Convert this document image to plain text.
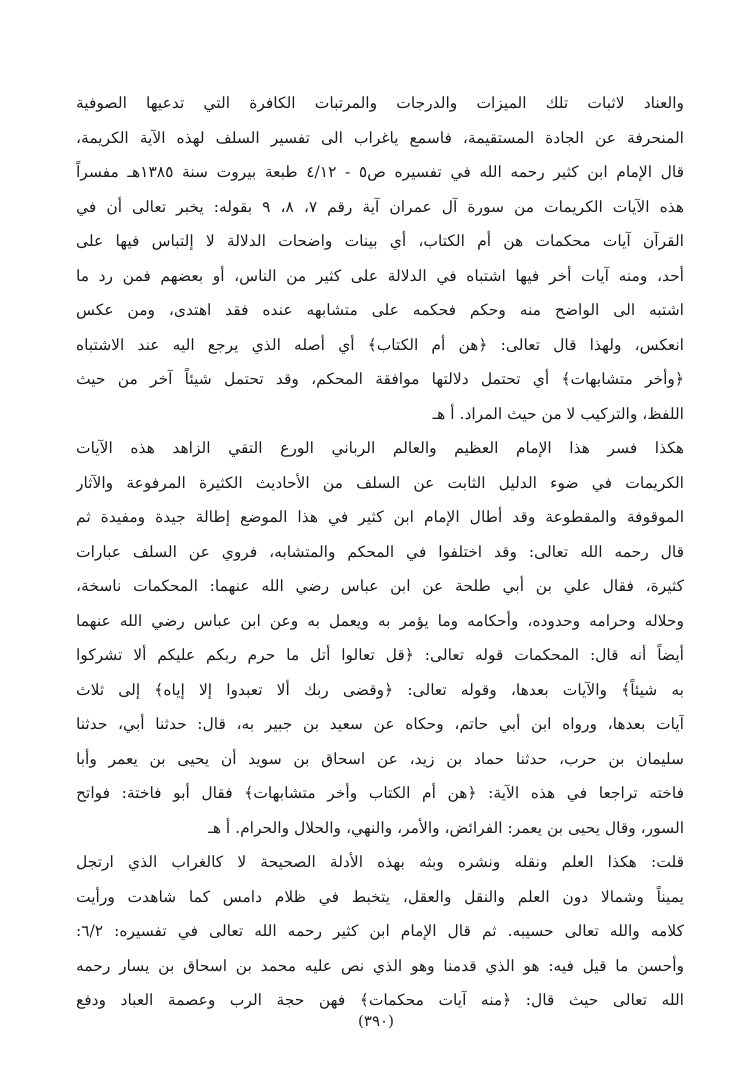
والعناد لاثبات تلك الميزات والدرجات والمرتبات الكافرة التي تدعيها الصوفية
المنحرفة عن الجادة المستقيمة، فاسمع ياغراب الى تفسير السلف لهذه الآية الكريمة،
قال الإمام ابن كثير رحمه الله في تفسيره ص٥ - ٤/١٢ طبعة بيروت سنة ١٣٨٥هـ مفسراً
هذه الآيات الكريمات من سورة آل عمران آية رقم ٧، ٨، ٩ بقوله: يخبر تعالى أن في
القرآن آيات محكمات هن أم الكتاب، أي بينات واضحات الدلالة لا إلتباس فيها على
أحد، ومنه آيات أخر فيها اشتباه في الدلالة على كثير من الناس، أو بعضهم فمن رد ما
اشتبه الى الواضح منه وحكم فحكمه على متشابهه عنده فقد اهتدى، ومن عكس
انعكس، ولهذا قال تعالى: ﴿هن أم الكتاب﴾ أي أصله الذي يرجع اليه عند الاشتباه
﴿وأخر متشابهات﴾ أي تحتمل دلالتها موافقة المحكم، وقد تحتمل شيئاً آخر من حيث
اللفظ، والتركيب لا من حيث المراد. أ هـ
هكذا فسر هذا الإمام العظيم والعالم الرباني الورع التقي الزاهد هذه الآيات
الكريمات في ضوء الدليل الثابت عن السلف من الأحاديث الكثيرة المرفوعة والآثار
الموقوفة والمقطوعة وقد أطال الإمام ابن كثير في هذا الموضع إطالة جيدة ومفيدة ثم
قال رحمه الله تعالى: وقد اختلفوا في المحكم والمتشابه، فروي عن السلف عبارات
كثيرة، فقال علي بن أبي طلحة عن ابن عباس رضي الله عنهما: المحكمات ناسخة،
وحلاله وحرامه وحدوده، وأحكامه وما يؤمر به ويعمل به وعن ابن عباس رضي الله عنهما
أيضاً أنه قال: المحكمات قوله تعالى: ﴿قل تعالوا أتل ما حرم ربكم عليكم ألا تشركوا
به شيئاً﴾ والآيات بعدها، وقوله تعالى: ﴿وقضى ربك ألا تعبدوا إلا إياه﴾ إلى ثلاث
آيات بعدها، ورواه ابن أبي حاتم، وحكاه عن سعيد بن جبير به، قال: حدثنا أبي، حدثنا
سليمان بن حرب، حدثنا حماد بن زيد، عن اسحاق بن سويد أن يحيى بن يعمر وأبا
فاخته تراجعا في هذه الآية: ﴿هن أم الكتاب وأخر متشابهات﴾ فقال أبو فاختة: فواتح
السور، وقال يحيى بن يعمر: الفرائض، والأمر، والنهي، والحلال والحرام. أ هـ
قلت: هكذا العلم ونقله ونشره وبثه بهذه الأدلة الصحيحة لا كالغراب الذي ارتجل
يميناً وشمالا دون العلم والنقل والعقل، يتخبط في ظلام دامس كما شاهدت ورأيت
كلامه والله تعالى حسيبه. ثم قال الإمام ابن كثير رحمه الله تعالى في تفسيره: ٦/٢:
وأحسن ما قيل فيه: هو الذي قدمنا وهو الذي نص عليه محمد بن اسحاق بن يسار رحمه
الله تعالى حيث قال: ﴿منه آيات محكمات﴾ فهن حجة الرب وعصمة العباد ودفع
(٣٩٠)
